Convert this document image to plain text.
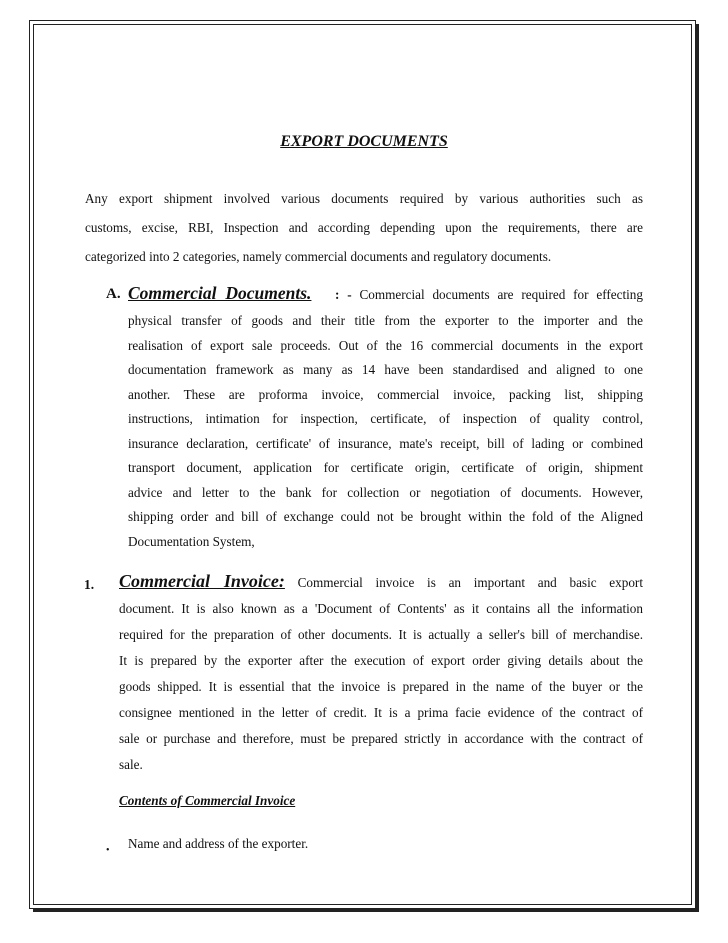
EXPORT DOCUMENTS
Any export shipment involved various documents required by various authorities such as
customs, excise, RBI, Inspection and according depending upon the requirements, there are
categorized into 2 categories, namely commercial documents and regulatory documents.
A. Commercial Documents. : - Commercial documents are required for effecting
physical transfer of goods and their title from the exporter to the importer and the
realisation of export sale proceeds. Out of the 16 commercial documents in the export
documentation framework as many as 14 have been standardised and aligned to one
another. These are proforma invoice, commercial invoice, packing list, shipping
instructions, intimation for inspection, certificate, of inspection of quality control,
insurance declaration, certificate' of insurance, mate's receipt, bill of lading or combined
transport document, application for certificate origin, certificate of origin, shipment
advice and letter to the bank for collection or negotiation of documents. However,
shipping order and bill of exchange could not be brought within the fold of the Aligned
Documentation System,
1. Commercial Invoice: Commercial invoice is an important and basic export
document. It is also known as a 'Document of Contents' as it contains all the information
required for the preparation of other documents. It is actually a seller's bill of merchandise.
It is prepared by the exporter after the execution of export order giving details about the
goods shipped. It is essential that the invoice is prepared in the name of the buyer or the
consignee mentioned in the letter of credit. It is a prima facie evidence of the contract of
sale or purchase and therefore, must be prepared strictly in accordance with the contract of
sale.
Contents of Commercial Invoice
• Name and address of the exporter.
